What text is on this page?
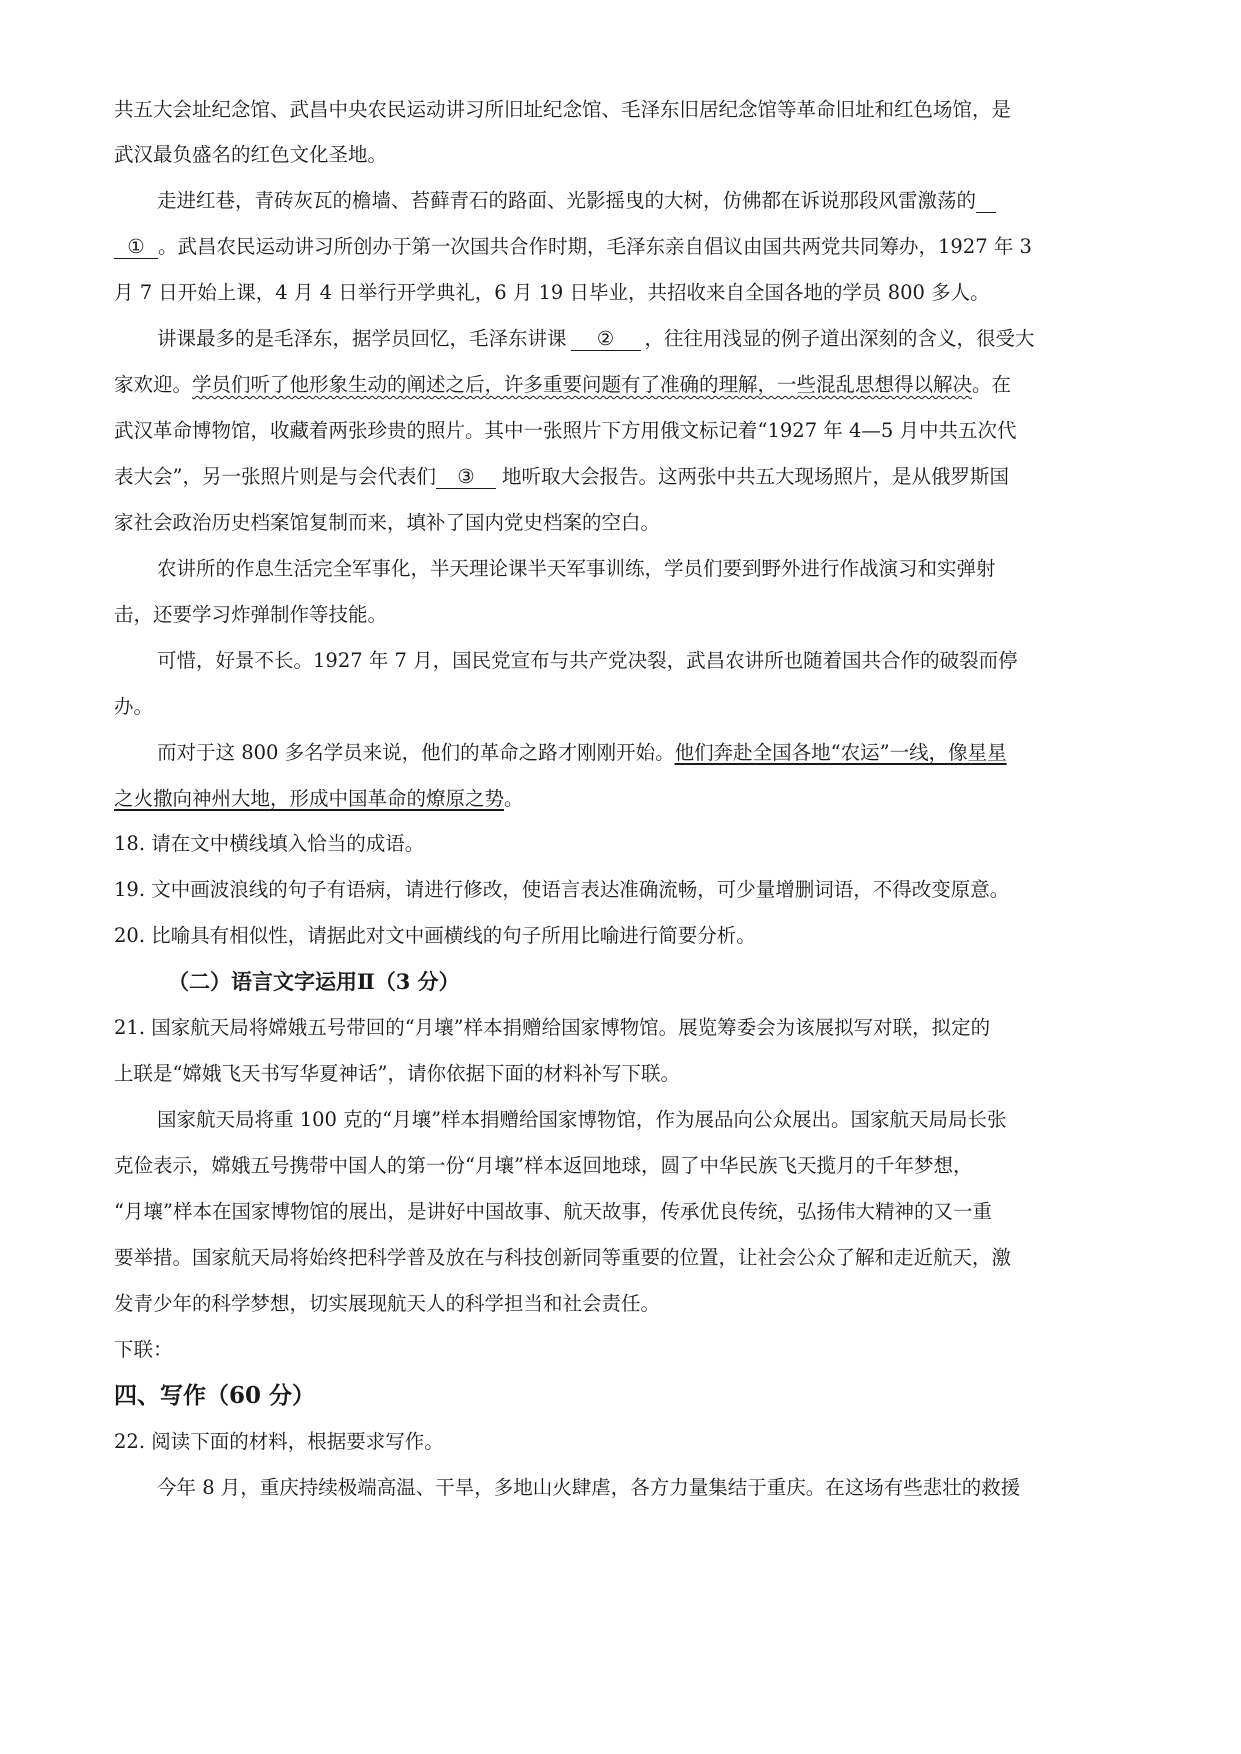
共五大会址纪念馆、武昌中央农民运动讲习所旧址纪念馆、毛泽东旧居纪念馆等革命旧址和红色场馆，是
武汉最负盛名的红色文化圣地。
走进红巷，青砖灰瓦的檐墙、苔藓青石的路面、光影摇曳的大树，仿佛都在诉说那段风雷激荡的
① 。武昌农民运动讲习所创办于第一次国共合作时期，毛泽东亲自倡议由国共两党共同筹办，1927 年 3
月 7 日开始上课，4 月 4 日举行开学典礼，6 月 19 日毕业，共招收来自全国各地的学员 800 多人。
讲课最多的是毛泽东，据学员回忆，毛泽东讲课 ② ，往往用浅显的例子道出深刻的含义，很受大
家欢迎。学员们听了他形象生动的阐述之后，许多重要问题有了准确的理解，一些混乱思想得以解决。在
武汉革命博物馆，收藏着两张珍贵的照片。其中一张照片下方用俄文标记着“1927 年 4—5 月中共五次代
表大会”，另一张照片则是与会代表们 ③ 地听取大会报告。这两张中共五大现场照片，是从俄罗斯国
家社会政治历史档案馆复制而来，填补了国内党史档案的空白。
农讲所的作息生活完全军事化，半天理论课半天军事训练，学员们要到野外进行作战演习和实弹射
击，还要学习炸弹制作等技能。
可惜，好景不长。1927 年 7 月，国民党宣布与共产党决裂，武昌农讲所也随着国共合作的破裂而停
办。
而对于这 800 多名学员来说，他们的革命之路才刚刚开始。他们奔赴全国各地“农运”一线，像星星
之火撒向神州大地，形成中国革命的燎原之势。
18. 请在文中横线填入恰当的成语。
19. 文中画波浪线的句子有语病，请进行修改，使语言表达准确流畅，可少量增删词语，不得改变原意。
20. 比喻具有相似性，请据此对文中画横线的句子所用比喻进行简要分析。
（二）语言文字运用Ⅱ（3 分）
21. 国家航天局将嫦娥五号带回的“月壤”样本捐赠给国家博物馆。展览筹委会为该展拟写对联，拟定的
上联是“嫦娥飞天书写华夏神话”，请你依据下面的材料补写下联。
国家航天局将重 100 克的“月壤”样本捐赠给国家博物馆，作为展品向公众展出。国家航天局局长张
克俭表示，嫦娥五号携带中国人的第一份“月壤”样本返回地球，圆了中华民族飞天揽月的千年梦想，
“月壤”样本在国家博物馆的展出，是讲好中国故事、航天故事，传承优良传统，弘扬伟大精神的又一重
要举措。国家航天局将始终把科学普及放在与科技创新同等重要的位置，让社会公众了解和走近航天，激
发青少年的科学梦想，切实展现航天人的科学担当和社会责任。
下联：
四、写作（60 分）
22. 阅读下面的材料，根据要求写作。
今年 8 月，重庆持续极端高温、干旱，多地山火肆虐，各方力量集结于重庆。在这场有些悲壮的救援
